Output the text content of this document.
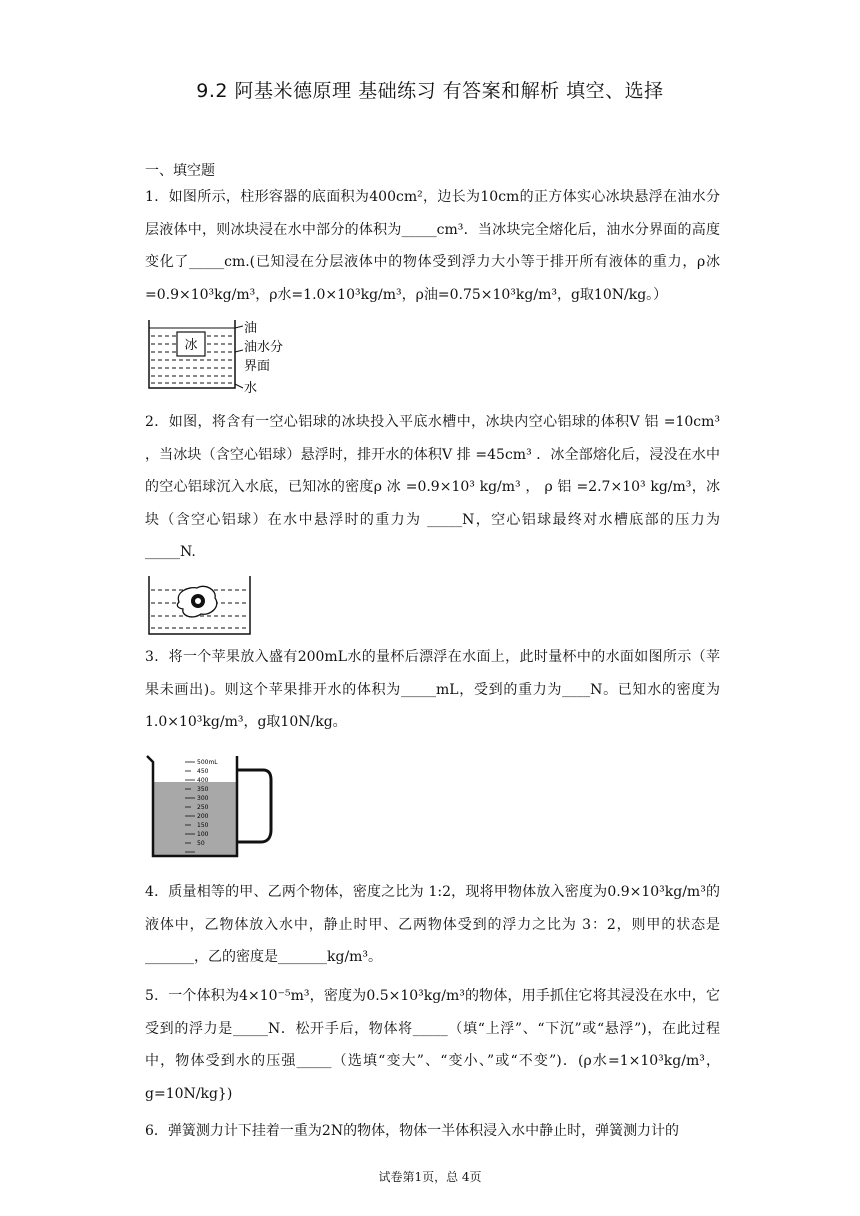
9.2 阿基米德原理 基础练习 有答案和解析 填空、选择
一、填空题

1．如图所示，柱形容器的底面积为400cm²，边长为10cm的正方体实心冰块悬浮在油水分层液体中，则冰块浸在水中部分的体积为_____cm³．当冰块完全熔化后，油水分界面的高度变化了_____cm.(已知浸在分层液体中的物体受到浮力大小等于排开所有液体的重力，ρ冰=0.9×10³kg/m³，ρ水=1.0×10³kg/m³，ρ油=0.75×10³kg/m³，g取10N/kg。）

冰
油
油水分
界面
水

2．如图，将含有一空心铝球的冰块投入平底水槽中，冰块内空心铝球的体积V 铝 =10cm³ ，当冰块（含空心铝球）悬浮时，排开水的体积V 排 =45cm³ ．冰全部熔化后，浸没在水中的空心铝球沉入水底，已知冰的密度ρ 冰 =0.9×10³ kg/m³ ， ρ 铝 =2.7×10³ kg/m³，冰块（含空心铝球）在水中悬浮时的重力为 _____N，空心铝球最终对水槽底部的压力为 _____N.

3．将一个苹果放入盛有200mL水的量杯后漂浮在水面上，此时量杯中的水面如图所示（苹果未画出)。则这个苹果排开水的体积为_____mL，受到的重力为____N。已知水的密度为1.0×10³kg/m³，g取10N/kg。

500mL
450
400
350
300
250
200
150
100
50

4．质量相等的甲、乙两个物体，密度之比为 1:2，现将甲物体放入密度为0.9×10³kg/m³的液体中，乙物体放入水中，静止时甲、乙两物体受到的浮力之比为 3：2，则甲的状态是_______，乙的密度是_______kg/m³。

5．一个体积为4×10⁻⁵m³，密度为0.5×10³kg/m³的物体，用手抓住它将其浸没在水中，它受到的浮力是_____N．松开手后，物体将_____（填“上浮”、“下沉”或“悬浮”)，在此过程中，物体受到水的压强_____（选填“变大”、“变小、”或“不变”)．(ρ水=1×10³kg/m³，g=10N/kg})

6．弹簧测力计下挂着一重为2N的物体，物体一半体积浸入水中静止时，弹簧测力计的

试卷第1页，总 4页
